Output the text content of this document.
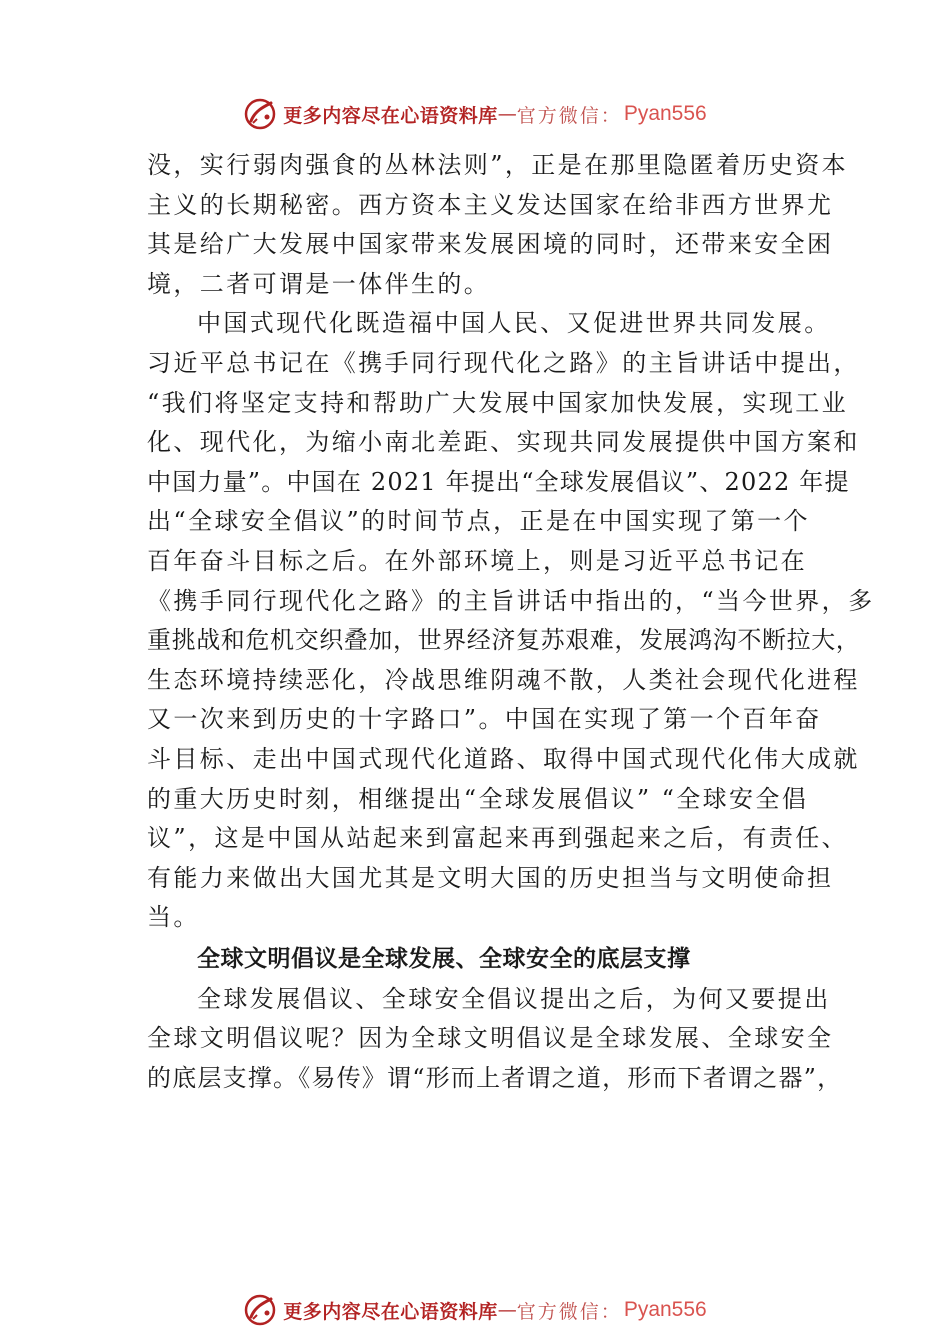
更多内容尽在心语资料库 — 官方微信： Pyan556
没，实行弱肉强食的丛林法则”，正是在那里隐匿着历史资本
主义的长期秘密。西方资本主义发达国家在给非西方世界尤
其是给广大发展中国家带来发展困境的同时，还带来安全困
境，二者可谓是一体伴生的。
中国式现代化既造福中国人民、又促进世界共同发展。
习近平总书记在《携手同行现代化之路》的主旨讲话中提出，
“我们将坚定支持和帮助广大发展中国家加快发展，实现工业
化、现代化，为缩小南北差距、实现共同发展提供中国方案和
中国力量”。中国在 2021 年提出“全球发展倡议”、2022 年提
出“全球安全倡议”的时间节点，正是在中国实现了第一个
百年奋斗目标之后。在外部环境上，则是习近平总书记在
《携手同行现代化之路》的主旨讲话中指出的，“当今世界，多
重挑战和危机交织叠加，世界经济复苏艰难，发展鸿沟不断拉大，
生态环境持续恶化，冷战思维阴魂不散，人类社会现代化进程
又一次来到历史的十字路口”。中国在实现了第一个百年奋
斗目标、走出中国式现代化道路、取得中国式现代化伟大成就
的重大历史时刻，相继提出“全球发展倡议” “全球安全倡
议”，这是中国从站起来到富起来再到强起来之后，有责任、
有能力来做出大国尤其是文明大国的历史担当与文明使命担
当。
全球文明倡议是全球发展、全球安全的底层支撑
全球发展倡议、全球安全倡议提出之后，为何又要提出
全球文明倡议呢？因为全球文明倡议是全球发展、全球安全
的底层支撑。《易传》谓“形而上者谓之道，形而下者谓之器”，
更多内容尽在心语资料库 — 官方微信： Pyan556
